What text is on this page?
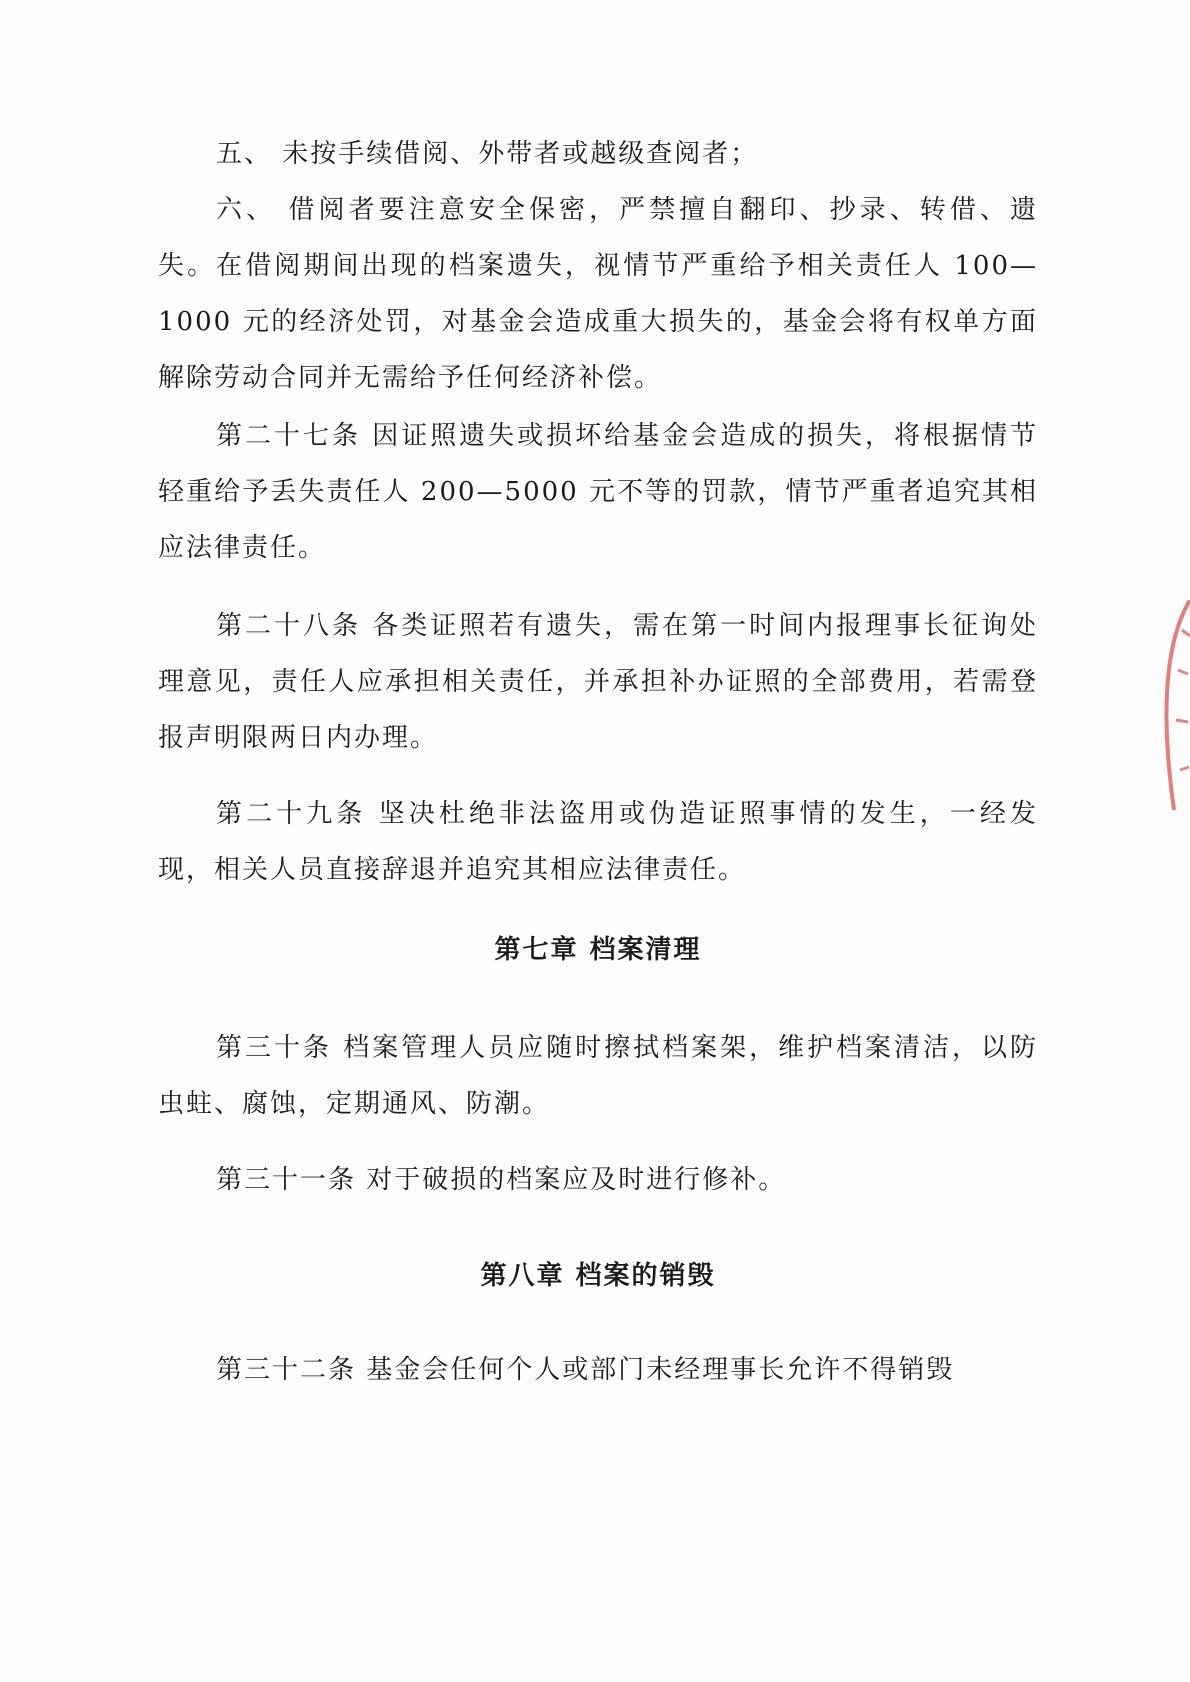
五、 未按手续借阅、外带者或越级查阅者；

六、 借阅者要注意安全保密，严禁擅自翻印、抄录、转借、遗失。在借阅期间出现的档案遗失，视情节严重给予相关责任人 100—1000 元的经济处罚，对基金会造成重大损失的，基金会将有权单方面解除劳动合同并无需给予任何经济补偿。

第二十七条 因证照遗失或损坏给基金会造成的损失，将根据情节轻重给予丢失责任人 200—5000 元不等的罚款，情节严重者追究其相应法律责任。

第二十八条 各类证照若有遗失，需在第一时间内报理事长征询处理意见，责任人应承担相关责任，并承担补办证照的全部费用，若需登报声明限两日内办理。

第二十九条 坚决杜绝非法盗用或伪造证照事情的发生，一经发现，相关人员直接辞退并追究其相应法律责任。

第七章 档案清理

第三十条 档案管理人员应随时擦拭档案架，维护档案清洁，以防虫蛀、腐蚀，定期通风、防潮。

第三十一条 对于破损的档案应及时进行修补。

第八章 档案的销毁

第三十二条 基金会任何个人或部门未经理事长允许不得销毁
